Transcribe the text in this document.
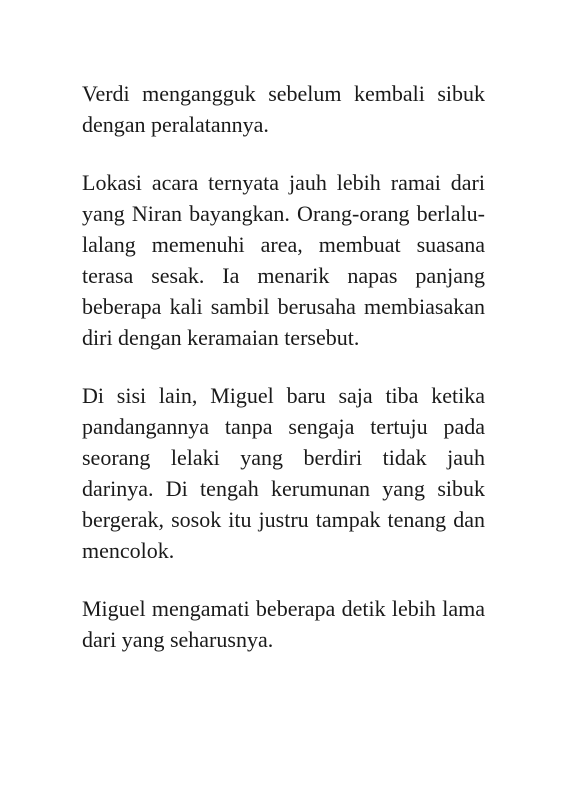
Verdi mengangguk sebelum kembali sibuk dengan peralatannya.

Lokasi acara ternyata jauh lebih ramai dari yang Niran bayangkan. Orang-orang berlalu-lalang memenuhi area, membuat suasana terasa sesak. Ia menarik napas panjang beberapa kali sambil berusaha membiasakan diri dengan keramaian tersebut.

Di sisi lain, Miguel baru saja tiba ketika pandangannya tanpa sengaja tertuju pada seorang lelaki yang berdiri tidak jauh darinya. Di tengah kerumunan yang sibuk bergerak, sosok itu justru tampak tenang dan mencolok.

Miguel mengamati beberapa detik lebih lama dari yang seharusnya.
